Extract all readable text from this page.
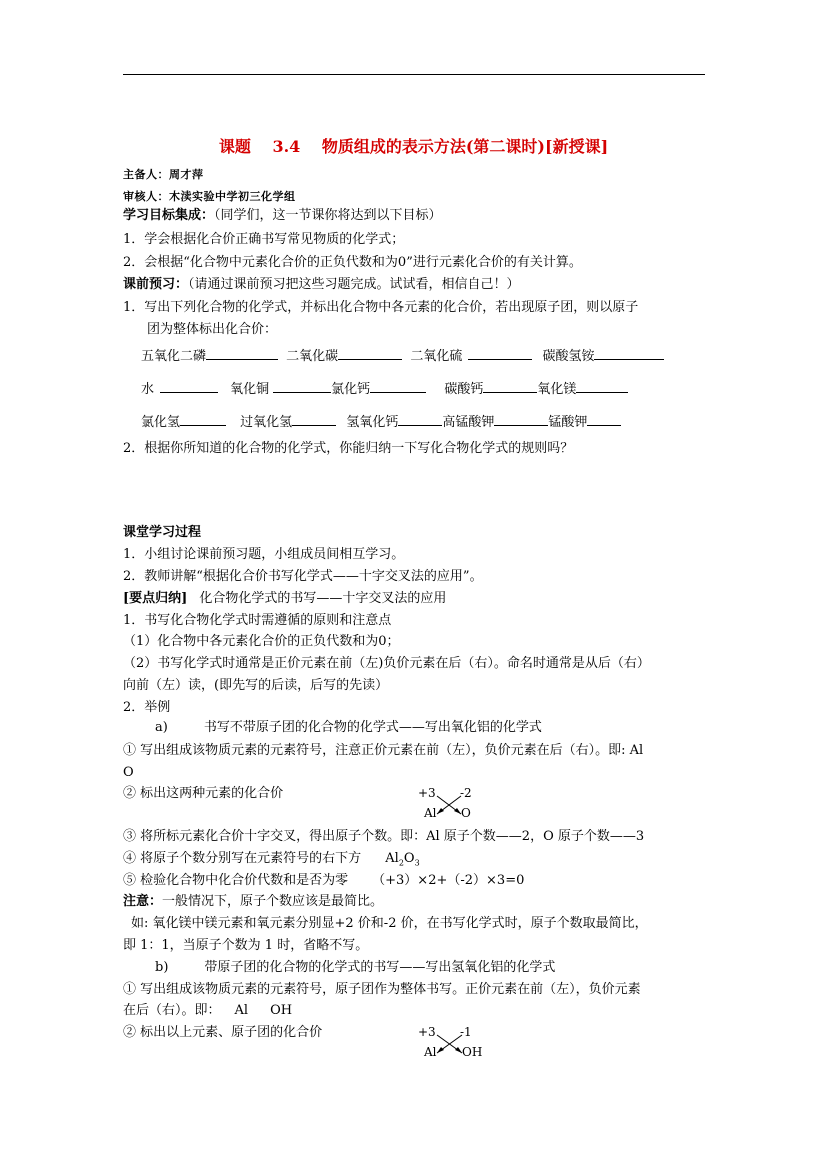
课题 3.4 物质组成的表示方法(第二课时)[新授课]
主备人：周才萍
审核人：木渎实验中学初三化学组
学习目标集成：（同学们，这一节课你将达到以下目标）
1．学会根据化合价正确书写常见物质的化学式；
2．会根据“化合物中元素化合价的正负代数和为0”进行元素化合价的有关计算。
课前预习：（请通过课前预习把这些习题完成。试试看，相信自己！）
1．写出下列化合物的化学式，并标出化合物中各元素的化合价，若出现原子团，则以原子
团为整体标出化合价：
五氧化二磷	二氧化碳	二氧化硫	碳酸氢铵
水	氧化铜	氯化钙	碳酸钙	氧化镁
氯化氢	过氧化氢	氢氧化钙	高锰酸钾	锰酸钾
2．根据你所知道的化合物的化学式，你能归纳一下写化合物化学式的规则吗？
课堂学习过程
1．小组讨论课前预习题，小组成员间相互学习。
2．教师讲解“根据化合价书写化学式——十字交叉法的应用”。
[要点归纳] 化合物化学式的书写——十字交叉法的应用
1．书写化合物化学式时需遵循的原则和注意点
（1）化合物中各元素化合价的正负代数和为0；
（2）书写化学式时通常是正价元素在前（左)负价元素在后（右）。命名时通常是从后（右）
向前（左）读，(即先写的后读，后写的先读）
2．举例
a)	书写不带原子团的化合物的化学式——写出氧化铝的化学式
① 写出组成该物质元素的元素符号，注意正价元素在前（左），负价元素在后（右）。即: Al
O
② 标出这两种元素的化合价	+3 -2
Al O
③ 将所标元素化合价十字交叉，得出原子个数。即：Al 原子个数——2，O 原子个数——3
④ 将原子个数分别写在元素符号的右下方 $Al_2O_3$
⑤ 检验化合物中化合价代数和是否为零 （+3）×2+（-2）×3=0
注意：一般情况下，原子个数应该是最简比。
如: 氧化镁中镁元素和氧元素分别显+2 价和-2 价，在书写化学式时，原子个数取最简比，
即 1：1，当原子个数为 1 时，省略不写。
b)	带原子团的化合物的化学式的书写——写出氢氧化铝的化学式
① 写出组成该物质元素的元素符号，原子团作为整体书写。正价元素在前（左），负价元素
在后（右）。即： Al OH
② 标出以上元素、原子团的化合价	+3 -1
Al OH
